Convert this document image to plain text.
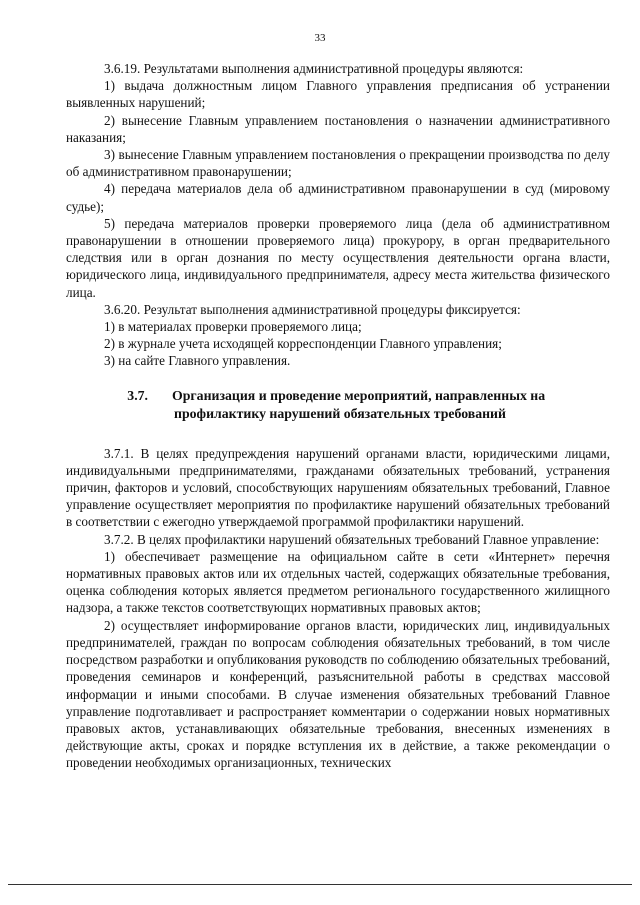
33

3.6.19. Результатами выполнения административной процедуры являются:

1) выдача должностным лицом Главного управления предписания об устранении выявленных нарушений;

2) вынесение Главным управлением постановления о назначении административного наказания;

3) вынесение Главным управлением постановления о прекращении производства по делу об административном правонарушении;

4) передача материалов дела об административном правонарушении в суд (мировому судье);

5) передача материалов проверки проверяемого лица (дела об административном правонарушении в отношении проверяемого лица) прокурору, в орган предварительного следствия или в орган дознания по месту осуществления деятельности органа власти, юридического лица, индивидуального предпринимателя, адресу места жительства физического лица.

3.6.20. Результат выполнения административной процедуры фиксируется:

1) в материалах проверки проверяемого лица;

2) в журнале учета исходящей корреспонденции Главного управления;

3) на сайте Главного управления.

3.7.	Организация и проведение мероприятий, направленных на
профилактику нарушений обязательных требований

3.7.1. В целях предупреждения нарушений органами власти, юридическими лицами, индивидуальными предпринимателями, гражданами обязательных требований, устранения причин, факторов и условий, способствующих нарушениям обязательных требований, Главное управление осуществляет мероприятия по профилактике нарушений обязательных требований в соответствии с ежегодно утверждаемой программой профилактики нарушений.

3.7.2. В целях профилактики нарушений обязательных требований Главное управление:

1) обеспечивает размещение на официальном сайте в сети «Интернет» перечня нормативных правовых актов или их отдельных частей, содержащих обязательные требования, оценка соблюдения которых является предметом регионального государственного жилищного надзора, а также текстов соответствующих нормативных правовых актов;

2) осуществляет информирование органов власти, юридических лиц, индивидуальных предпринимателей, граждан по вопросам соблюдения обязательных требований, в том числе посредством разработки и опубликования руководств по соблюдению обязательных требований, проведения семинаров и конференций, разъяснительной работы в средствах массовой информации и иными способами. В случае изменения обязательных требований Главное управление подготавливает и распространяет комментарии о содержании новых нормативных правовых актов, устанавливающих обязательные требования, внесенных изменениях в действующие акты, сроках и порядке вступления их в действие, а также рекомендации о проведении необходимых организационных, технических
